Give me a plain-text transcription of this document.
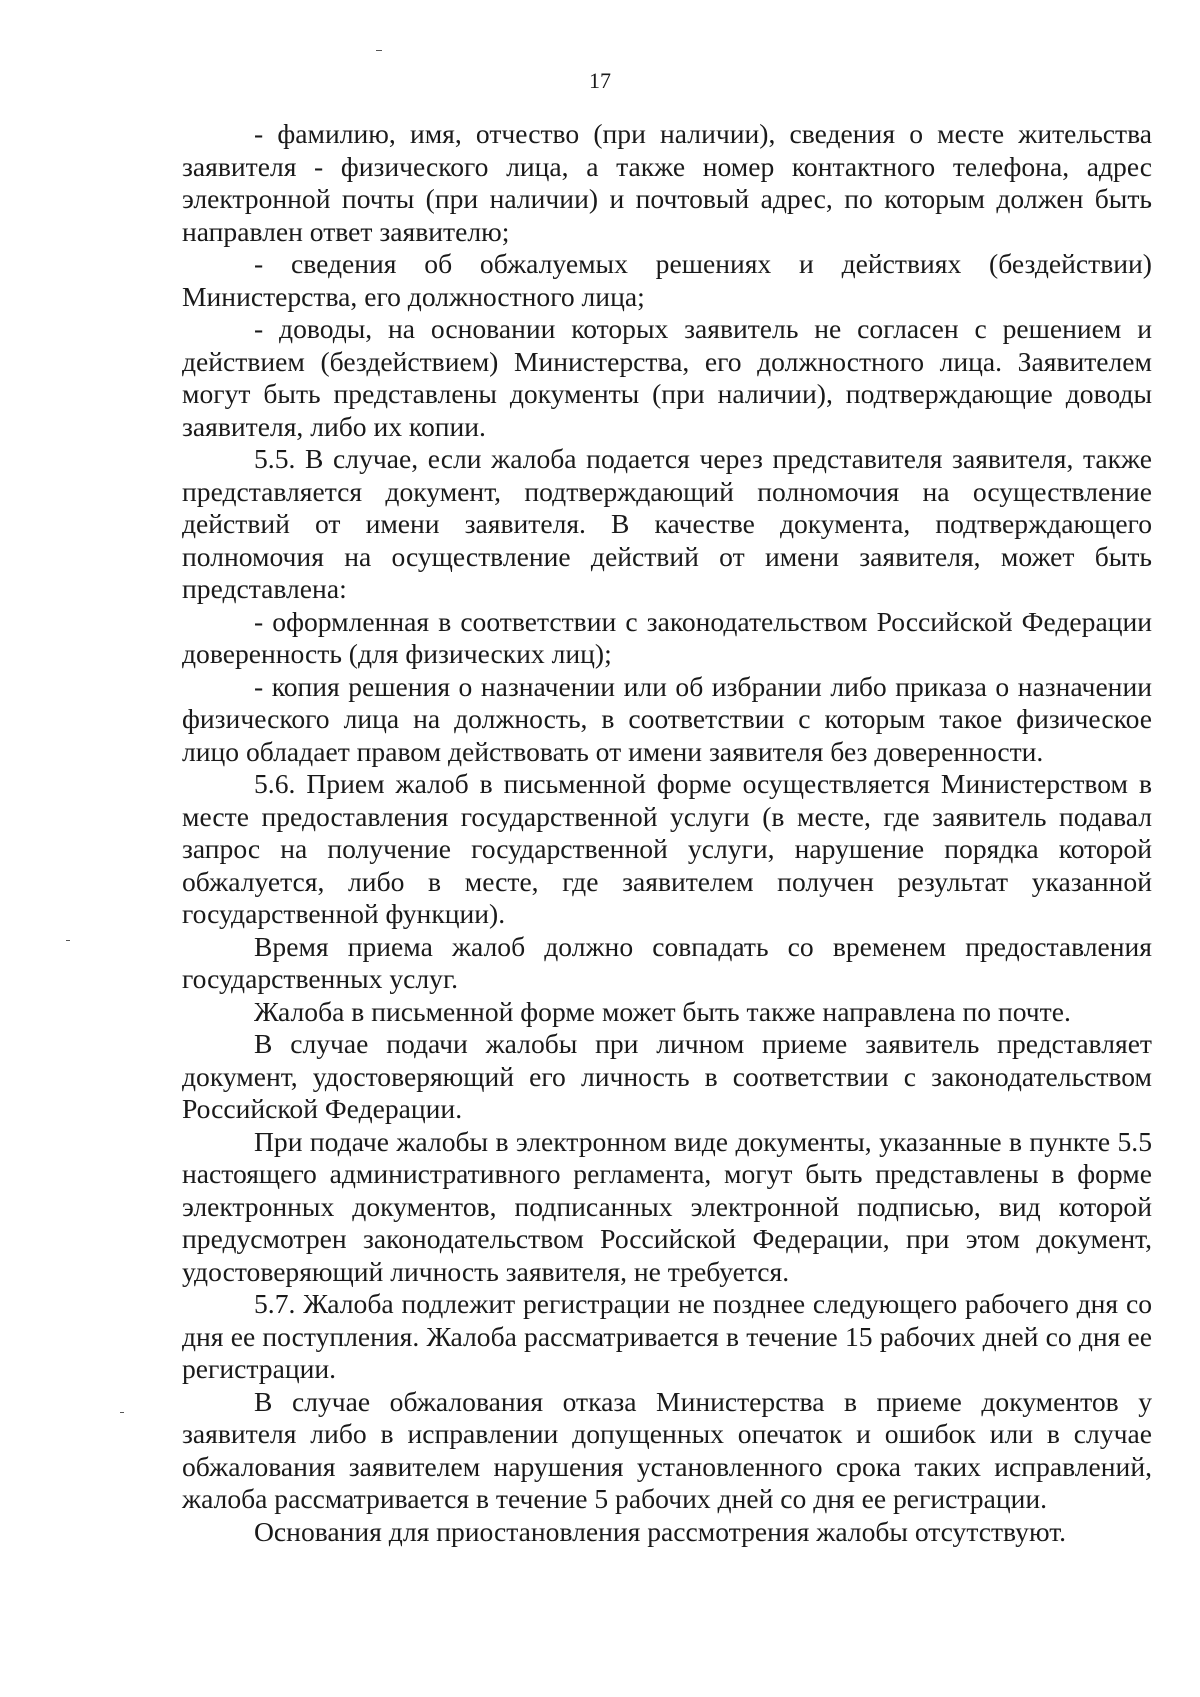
17

- фамилию, имя, отчество (при наличии), сведения о месте жительства заявителя - физического лица, а также номер контактного телефона, адрес электронной почты (при наличии) и почтовый адрес, по которым должен быть направлен ответ заявителю;

- сведения об обжалуемых решениях и действиях (бездействии) Министерства, его должностного лица;

- доводы, на основании которых заявитель не согласен с решением и действием (бездействием) Министерства, его должностного лица. Заявителем могут быть представлены документы (при наличии), подтверждающие доводы заявителя, либо их копии.

5.5. В случае, если жалоба подается через представителя заявителя, также представляется документ, подтверждающий полномочия на осуществление действий от имени заявителя. В качестве документа, подтверждающего полномочия на осуществление действий от имени заявителя, может быть представлена:

- оформленная в соответствии с законодательством Российской Федерации доверенность (для физических лиц);

- копия решения о назначении или об избрании либо приказа о назначении физического лица на должность, в соответствии с которым такое физическое лицо обладает правом действовать от имени заявителя без доверенности.

5.6. Прием жалоб в письменной форме осуществляется Министерством в месте предоставления государственной услуги (в месте, где заявитель подавал запрос на получение государственной услуги, нарушение порядка которой обжалуется, либо в месте, где заявителем получен результат указанной государственной функции).

Время приема жалоб должно совпадать со временем предоставления государственных услуг.

Жалоба в письменной форме может быть также направлена по почте.

В случае подачи жалобы при личном приеме заявитель представляет документ, удостоверяющий его личность в соответствии с законодательством Российской Федерации.

При подаче жалобы в электронном виде документы, указанные в пункте 5.5 настоящего административного регламента, могут быть представлены в форме электронных документов, подписанных электронной подписью, вид которой предусмотрен законодательством Российской Федерации, при этом документ, удостоверяющий личность заявителя, не требуется.

5.7. Жалоба подлежит регистрации не позднее следующего рабочего дня со дня ее поступления. Жалоба рассматривается в течение 15 рабочих дней со дня ее регистрации.

В случае обжалования отказа Министерства в приеме документов у заявителя либо в исправлении допущенных опечаток и ошибок или в случае обжалования заявителем нарушения установленного срока таких исправлений, жалоба рассматривается в течение 5 рабочих дней со дня ее регистрации.

Основания для приостановления рассмотрения жалобы отсутствуют.
